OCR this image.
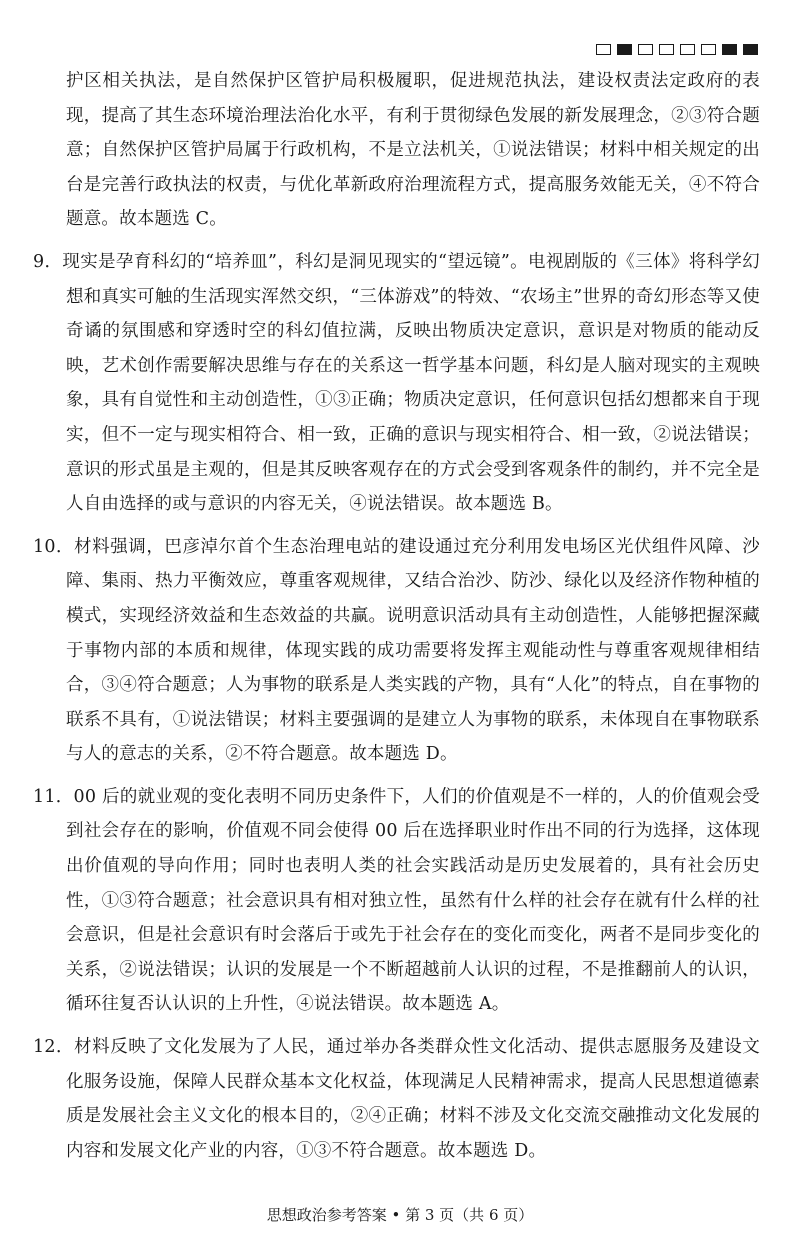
护区相关执法，是自然保护区管护局积极履职，促进规范执法，建设权责法定政府的表现，提高了其生态环境治理法治化水平，有利于贯彻绿色发展的新发展理念，②③符合题意；自然保护区管护局属于行政机构，不是立法机关，①说法错误；材料中相关规定的出台是完善行政执法的权责，与优化革新政府治理流程方式，提高服务效能无关，④不符合题意。故本题选 C。

9．现实是孕育科幻的“培养皿”，科幻是洞见现实的“望远镜”。电视剧版的《三体》将科学幻想和真实可触的生活现实浑然交织，“三体游戏”的特效、“农场主”世界的奇幻形态等又使奇谲的氛围感和穿透时空的科幻值拉满，反映出物质决定意识，意识是对物质的能动反映，艺术创作需要解决思维与存在的关系这一哲学基本问题，科幻是人脑对现实的主观映象，具有自觉性和主动创造性，①③正确；物质决定意识，任何意识包括幻想都来自于现实，但不一定与现实相符合、相一致，正确的意识与现实相符合、相一致，②说法错误；意识的形式虽是主观的，但是其反映客观存在的方式会受到客观条件的制约，并不完全是人自由选择的或与意识的内容无关，④说法错误。故本题选 B。

10．材料强调，巴彦淖尔首个生态治理电站的建设通过充分利用发电场区光伏组件风障、沙障、集雨、热力平衡效应，尊重客观规律，又结合治沙、防沙、绿化以及经济作物种植的模式，实现经济效益和生态效益的共赢。说明意识活动具有主动创造性，人能够把握深藏于事物内部的本质和规律，体现实践的成功需要将发挥主观能动性与尊重客观规律相结合，③④符合题意；人为事物的联系是人类实践的产物，具有“人化”的特点，自在事物的联系不具有，①说法错误；材料主要强调的是建立人为事物的联系，未体现自在事物联系与人的意志的关系，②不符合题意。故本题选 D。

11．00 后的就业观的变化表明不同历史条件下，人们的价值观是不一样的，人的价值观会受到社会存在的影响，价值观不同会使得 00 后在选择职业时作出不同的行为选择，这体现出价值观的导向作用；同时也表明人类的社会实践活动是历史发展着的，具有社会历史性，①③符合题意；社会意识具有相对独立性，虽然有什么样的社会存在就有什么样的社会意识，但是社会意识有时会落后于或先于社会存在的变化而变化，两者不是同步变化的关系，②说法错误；认识的发展是一个不断超越前人认识的过程，不是推翻前人的认识，循环往复否认认识的上升性，④说法错误。故本题选 A。

12．材料反映了文化发展为了人民，通过举办各类群众性文化活动、提供志愿服务及建设文化服务设施，保障人民群众基本文化权益，体现满足人民精神需求，提高人民思想道德素质是发展社会主义文化的根本目的，②④正确；材料不涉及文化交流交融推动文化发展的内容和发展文化产业的内容，①③不符合题意。故本题选 D。

思想政治参考答案 • 第 3 页（共 6 页）
